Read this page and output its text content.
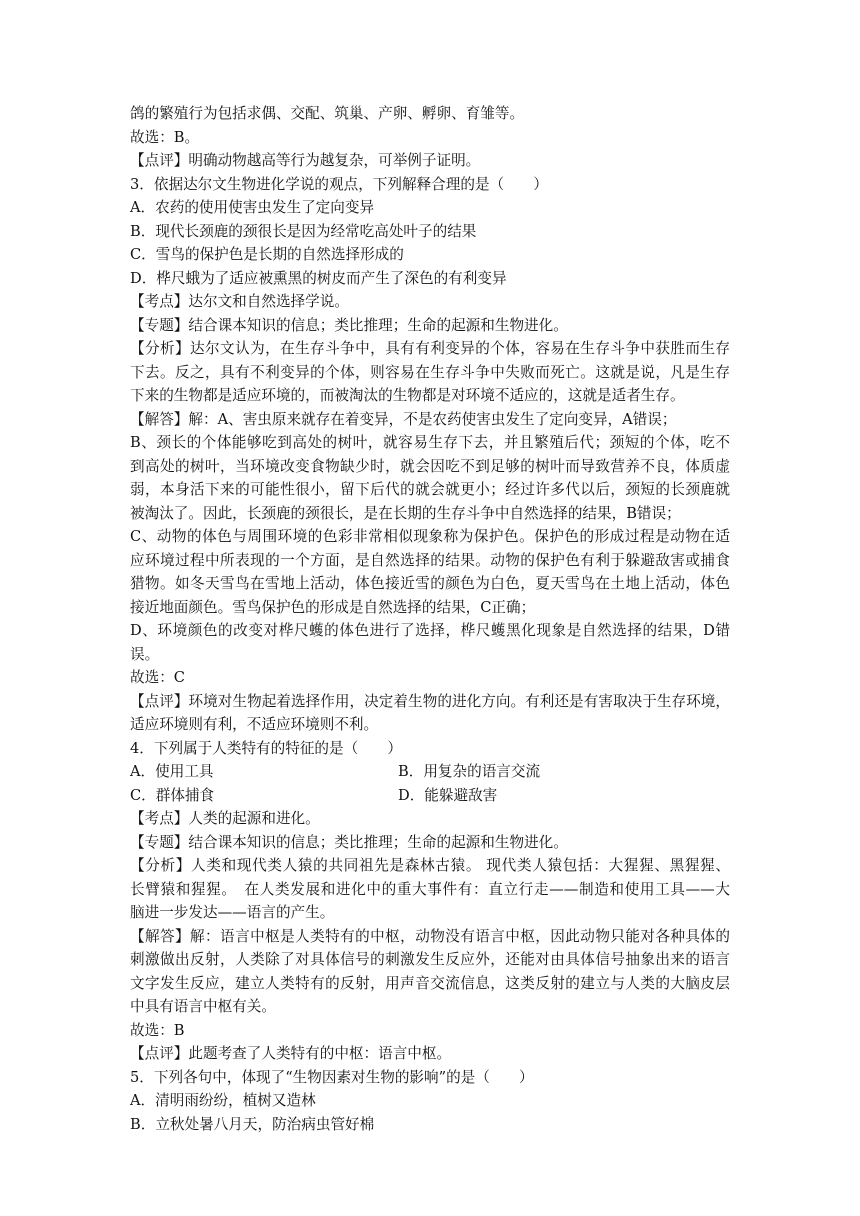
鸽的繁殖行为包括求偶、交配、筑巢、产卵、孵卵、育雏等。
故选：B。
【点评】明确动物越高等行为越复杂，可举例子证明。
3．依据达尔文生物进化学说的观点，下列解释合理的是（　　）
A．农药的使用使害虫发生了定向变异
B．现代长颈鹿的颈很长是因为经常吃高处叶子的结果
C．雪鸟的保护色是长期的自然选择形成的
D．桦尺蛾为了适应被熏黑的树皮而产生了深色的有利变异
【考点】达尔文和自然选择学说。
【专题】结合课本知识的信息；类比推理；生命的起源和生物进化。
【分析】达尔文认为，在生存斗争中，具有有利变异的个体，容易在生存斗争中获胜而生存
下去。反之，具有不利变异的个体，则容易在生存斗争中失败而死亡。这就是说，凡是生存
下来的生物都是适应环境的，而被淘汰的生物都是对环境不适应的，这就是适者生存。
【解答】解：A、害虫原来就存在着变异，不是农药使害虫发生了定向变异，A错误；
B、颈长的个体能够吃到高处的树叶，就容易生存下去，并且繁殖后代；颈短的个体，吃不
到高处的树叶，当环境改变食物缺少时，就会因吃不到足够的树叶而导致营养不良，体质虚
弱，本身活下来的可能性很小，留下后代的就会就更小；经过许多代以后，颈短的长颈鹿就
被淘汰了。因此，长颈鹿的颈很长，是在长期的生存斗争中自然选择的结果，B错误；
C、动物的体色与周围环境的色彩非常相似现象称为保护色。保护色的形成过程是动物在适
应环境过程中所表现的一个方面，是自然选择的结果。动物的保护色有利于躲避敌害或捕食
猎物。如冬天雪鸟在雪地上活动，体色接近雪的颜色为白色，夏天雪鸟在土地上活动，体色
接近地面颜色。雪鸟保护色的形成是自然选择的结果，C正确；
D、环境颜色的改变对桦尺蠖的体色进行了选择，桦尺蠖黑化现象是自然选择的结果，D错
误。
故选：C
【点评】环境对生物起着选择作用，决定着生物的进化方向。有利还是有害取决于生存环境，
适应环境则有利，不适应环境则不利。
4．下列属于人类特有的特征的是（　　）
A．使用工具	B．用复杂的语言交流
C．群体捕食	D．能躲避敌害
【考点】人类的起源和进化。
【专题】结合课本知识的信息；类比推理；生命的起源和生物进化。
【分析】人类和现代类人猿的共同祖先是森林古猿。 现代类人猿包括：大猩猩、黑猩猩、
长臂猿和猩猩。　在人类发展和进化中的重大事件有：直立行走——制造和使用工具——大
脑进一步发达——语言的产生。
【解答】解：语言中枢是人类特有的中枢，动物没有语言中枢，因此动物只能对各种具体的
刺激做出反射，人类除了对具体信号的刺激发生反应外，还能对由具体信号抽象出来的语言
文字发生反应，建立人类特有的反射，用声音交流信息，这类反射的建立与人类的大脑皮层
中具有语言中枢有关。
故选：B
【点评】此题考查了人类特有的中枢：语言中枢。
5．下列各句中，体现了“生物因素对生物的影响”的是（　　）
A．清明雨纷纷，植树又造林
B．立秋处暑八月天，防治病虫管好棉
